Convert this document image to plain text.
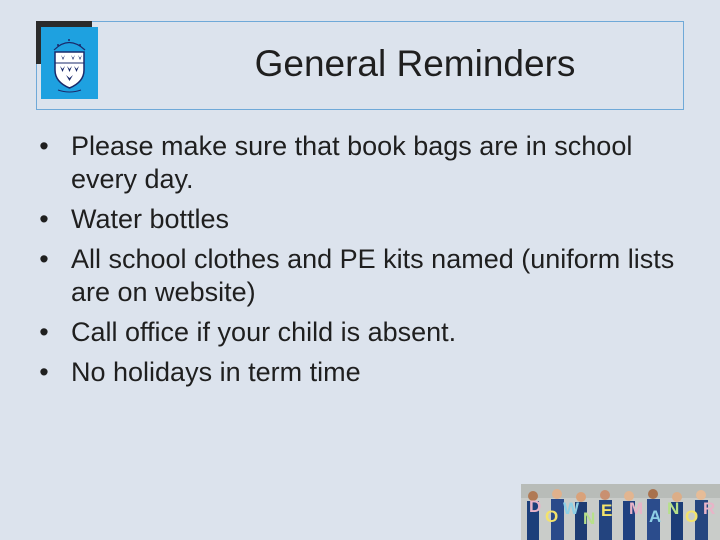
General Reminders
• Please make sure that book bags are in school every day.
• Water bottles
• All school clothes and PE kits named (uniform lists are on website)
• Call office if your child is absent.
• No holidays in term time
D
O W
N E M A N O R
